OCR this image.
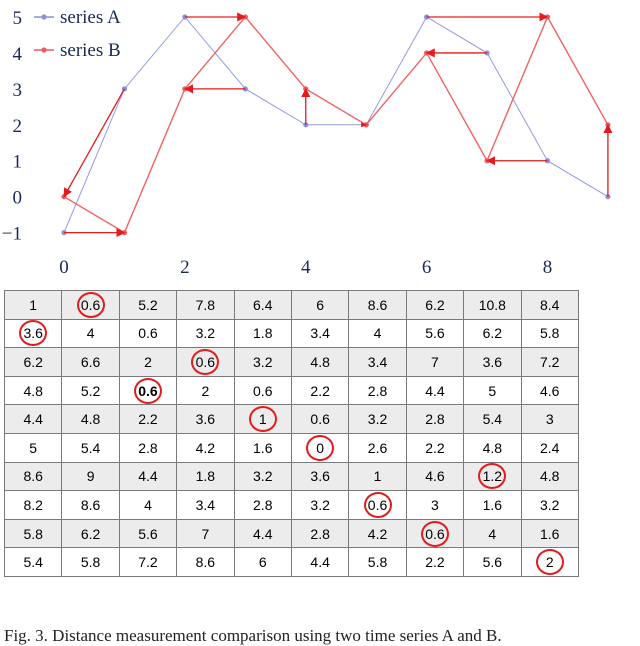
−1
0
1
2
3
4
5
0	2	4	6	8
series A
series B
1	0.6	5.2	7.8	6.4	6	8.6	6.2	10.8	8.4

3.6	4	0.6	3.2	1.8	3.4	4	5.6	6.2	5.8
6.2	6.6	2	0.6	3.2	4.8	3.4	7	3.6	7.2
4.8	5.2	0.6	2	0.6	2.2	2.8	4.4	5	4.6
4.4	4.8	2.2	3.6	1	0.6	3.2	2.8	5.4	3
5	5.4	2.8	4.2	1.6	0	2.6	2.2	4.8	2.4
8.6	9	4.4	1.8	3.2	3.6	1	4.6	1.2	4.8
8.2	8.6	4	3.4	2.8	3.2	0.6	3	1.6	3.2
5.8	6.2	5.6	7	4.4	2.8	4.2	0.6	4	1.6
5.4	5.8	7.2	8.6	6	4.4	5.8	2.2	5.6	2
Fig. 3. Distance measurement comparison using two time series A and B.
